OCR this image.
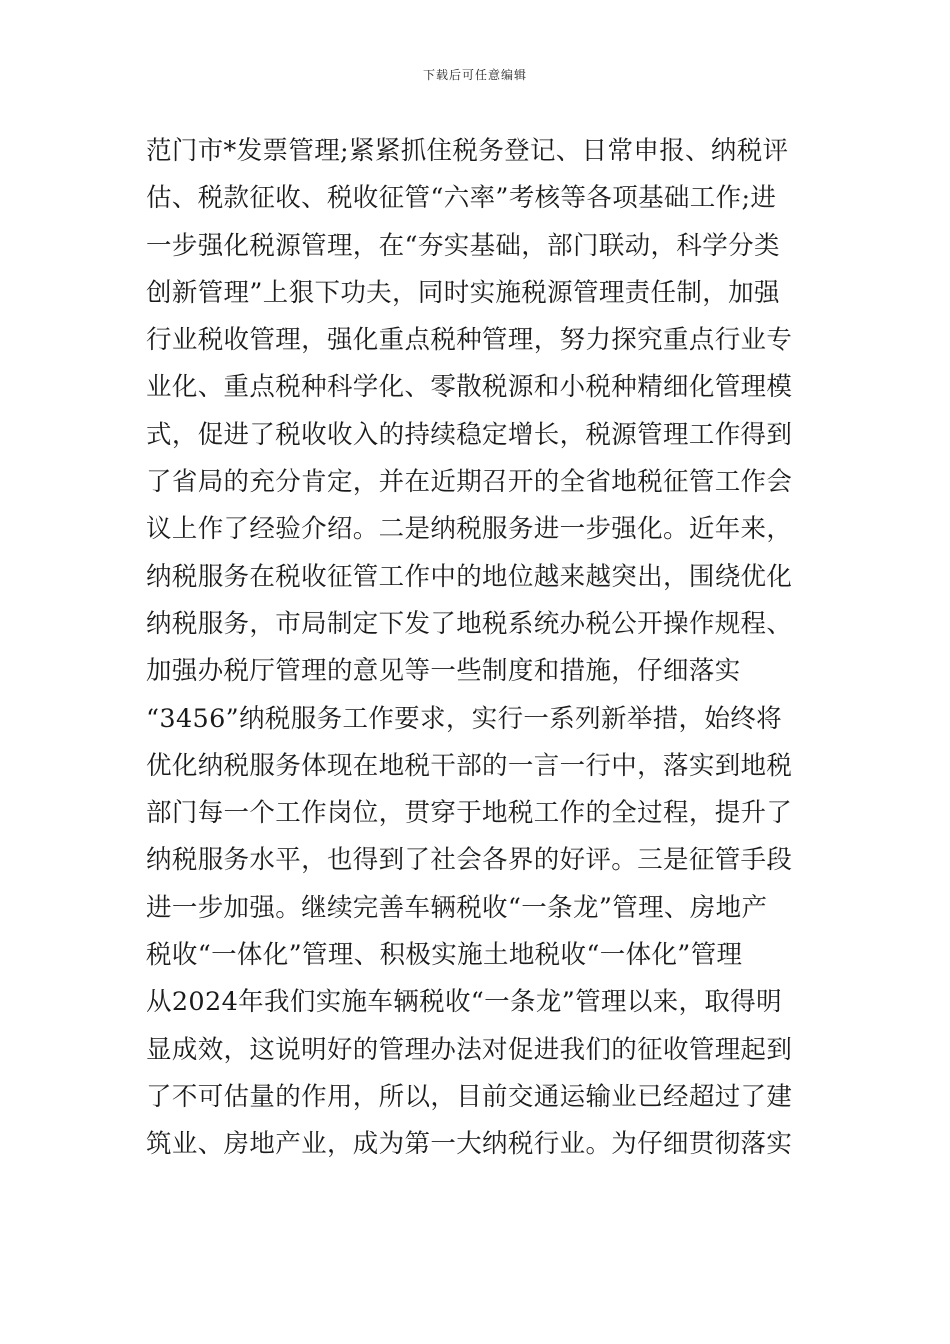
下载后可任意编辑
范门市*发票管理;紧紧抓住税务登记、日常申报、纳税评
估、税款征收、税收征管“六率”考核等各项基础工作;进
一步强化税源管理，在“夯实基础，部门联动，科学分类
创新管理”上狠下功夫，同时实施税源管理责任制，加强
行业税收管理，强化重点税种管理，努力探究重点行业专
业化、重点税种科学化、零散税源和小税种精细化管理模
式，促进了税收收入的持续稳定增长，税源管理工作得到
了省局的充分肯定，并在近期召开的全省地税征管工作会
议上作了经验介绍。二是纳税服务进一步强化。近年来，
纳税服务在税收征管工作中的地位越来越突出，围绕优化
纳税服务，市局制定下发了地税系统办税公开操作规程、
加强办税厅管理的意见等一些制度和措施，仔细落实
“3456”纳税服务工作要求，实行一系列新举措，始终将
优化纳税服务体现在地税干部的一言一行中，落实到地税
部门每一个工作岗位，贯穿于地税工作的全过程，提升了
纳税服务水平，也得到了社会各界的好评。三是征管手段
进一步加强。继续完善车辆税收“一条龙”管理、房地产
税收“一体化”管理、积极实施土地税收“一体化”管理
从2024年我们实施车辆税收“一条龙”管理以来，取得明
显成效，这说明好的管理办法对促进我们的征收管理起到
了不可估量的作用，所以，目前交通运输业已经超过了建
筑业、房地产业，成为第一大纳税行业。为仔细贯彻落实
